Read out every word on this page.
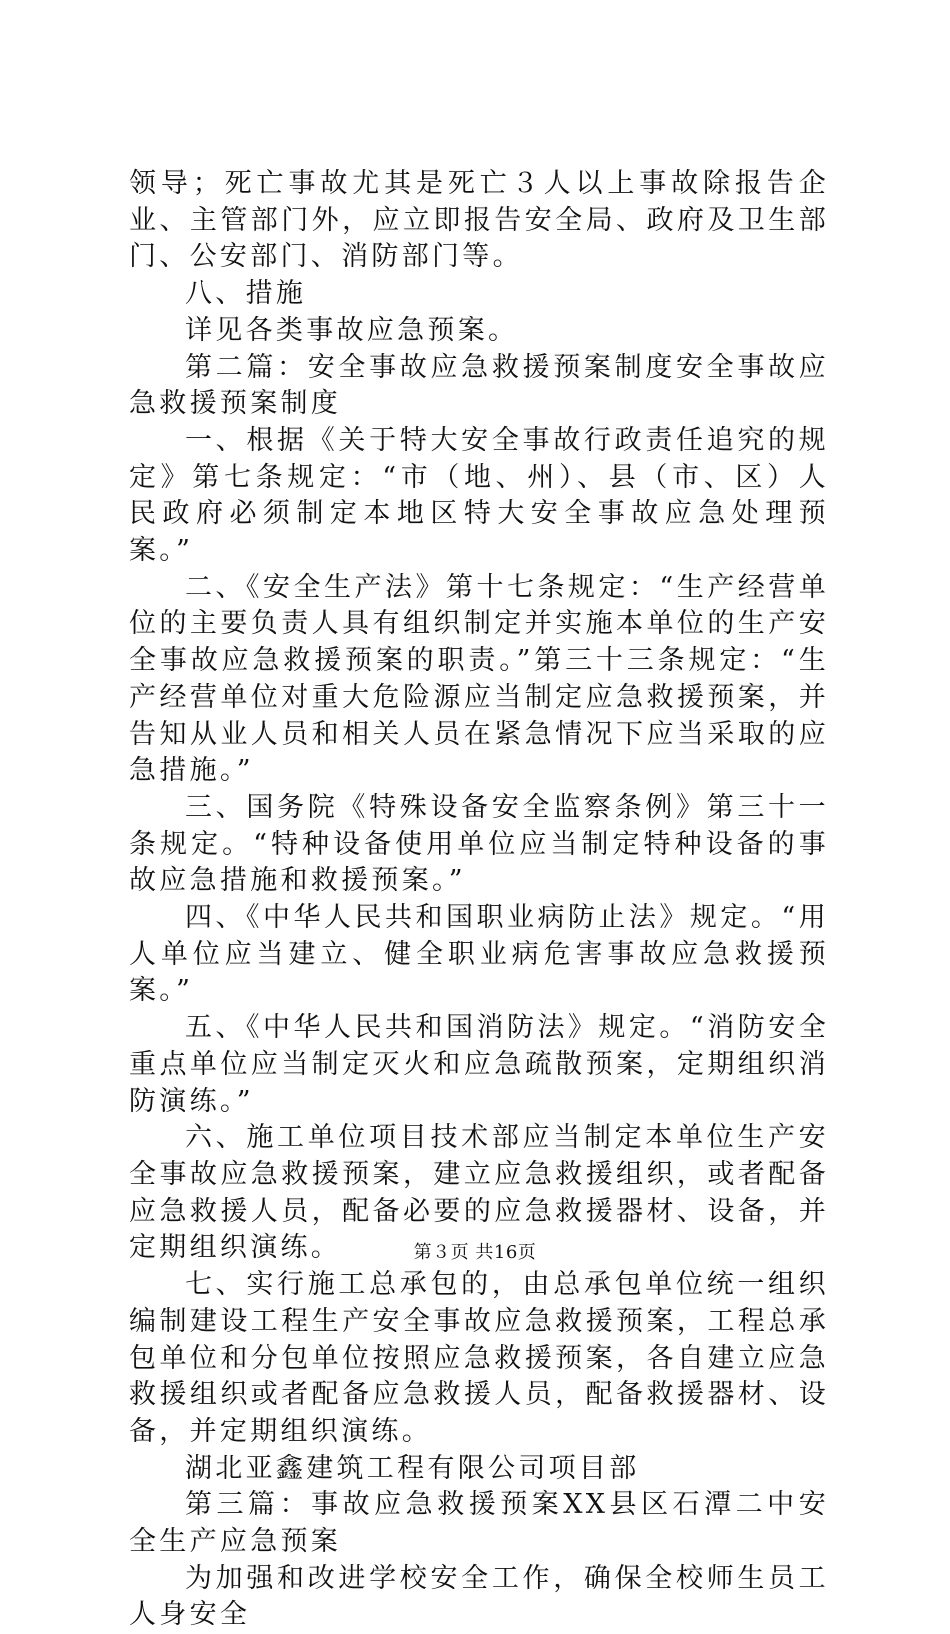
领导；死亡事故尤其是死亡３人以上事故除报告企业、主管部门外，应立即报告安全局、政府及卫生部门、公安部门、消防部门等。

八、措施

详见各类事故应急预案。

第二篇：安全事故应急救援预案制度安全事故应急救援预案制度

一、根据《关于特大安全事故行政责任追究的规定》第七条规定：“市（地、州）、县（市、区）人民政府必须制定本地区特大安全事故应急处理预案。”

二、《安全生产法》第十七条规定：“生产经营单位的主要负责人具有组织制定并实施本单位的生产安全事故应急救援预案的职责。”第三十三条规定：“生产经营单位对重大危险源应当制定应急救援预案，并告知从业人员和相关人员在紧急情况下应当采取的应急措施。”

三、国务院《特殊设备安全监察条例》第三十一条规定。“特种设备使用单位应当制定特种设备的事故应急措施和救援预案。”

四、《中华人民共和国职业病防止法》规定。“用人单位应当建立、健全职业病危害事故应急救援预案。”

五、《中华人民共和国消防法》规定。“消防安全重点单位应当制定灭火和应急疏散预案，定期组织消防演练。”

六、施工单位项目技术部应当制定本单位生产安全事故应急救援预案，建立应急救援组织，或者配备应急救援人员，配备必要的应急救援器材、设备，并定期组织演练。

七、实行施工总承包的，由总承包单位统一组织编制建设工程生产安全事故应急救援预案，工程总承包单位和分包单位按照应急救援预案，各自建立应急救援组织或者配备应急救援人员，配备救援器材、设备，并定期组织演练。

湖北亚鑫建筑工程有限公司项目部

第三篇：事故应急救援预案XX县区石潭二中安全生产应急预案

为加强和改进学校安全工作，确保全校师生员工人身安全

第３页 共16页
